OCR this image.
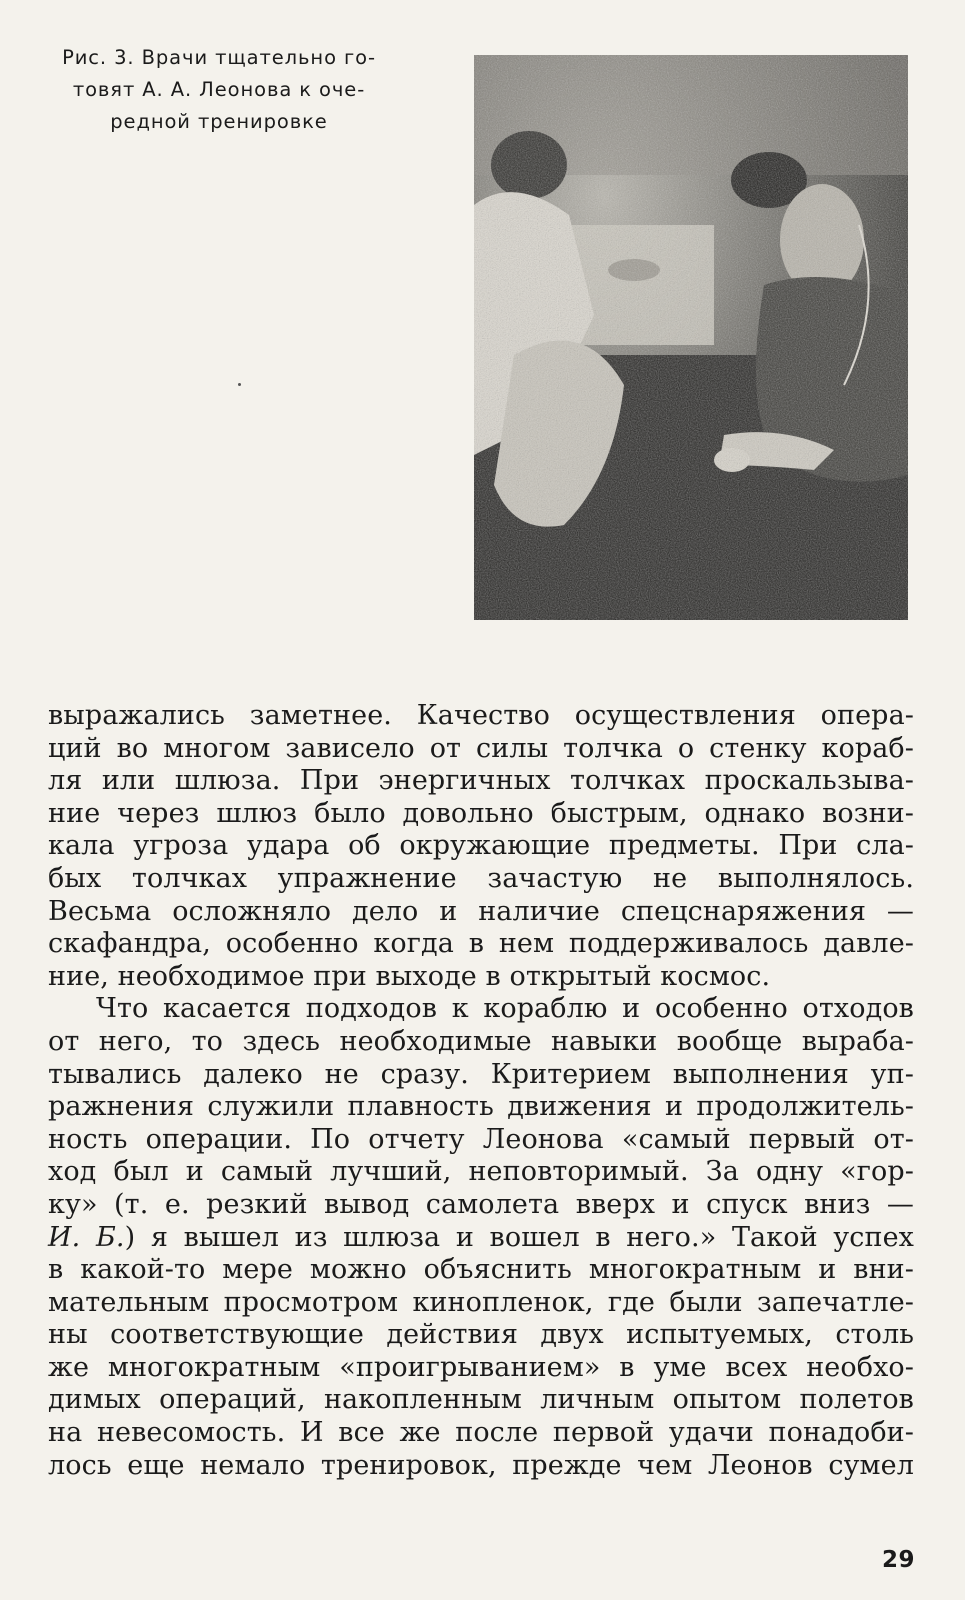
Рис. 3. Врачи тщательно го-
товят А. А. Леонова к оче-
редной тренировке
выражались заметнее. Качество осуществления опера-
ций во многом зависело от силы толчка о стенку кораб-
ля или шлюза. При энергичных толчках проскальзыва-
ние через шлюз было довольно быстрым, однако возни-
кала угроза удара об окружающие предметы. При сла-
бых толчках упражнение зачастую не выполнялось.
Весьма осложняло дело и наличие спецснаряжения —
скафандра, особенно когда в нем поддерживалось давле-
ние, необходимое при выходе в открытый космос.
Что касается подходов к кораблю и особенно отходов
от него, то здесь необходимые навыки вообще выраба-
тывались далеко не сразу. Критерием выполнения уп-
ражнения служили плавность движения и продолжитель-
ность операции. По отчету Леонова «самый первый от-
ход был и самый лучший, неповторимый. За одну «гор-
ку» (т. е. резкий вывод самолета вверх и спуск вниз —
И. Б.) я вышел из шлюза и вошел в него.» Такой успех
в какой-то мере можно объяснить многократным и вни-
мательным просмотром кинопленок, где были запечатле-
ны соответствующие действия двух испытуемых, столь
же многократным «проигрыванием» в уме всех необхо-
димых операций, накопленным личным опытом полетов
на невесомость. И все же после первой удачи понадоби-
лось еще немало тренировок, прежде чем Леонов сумел
29
